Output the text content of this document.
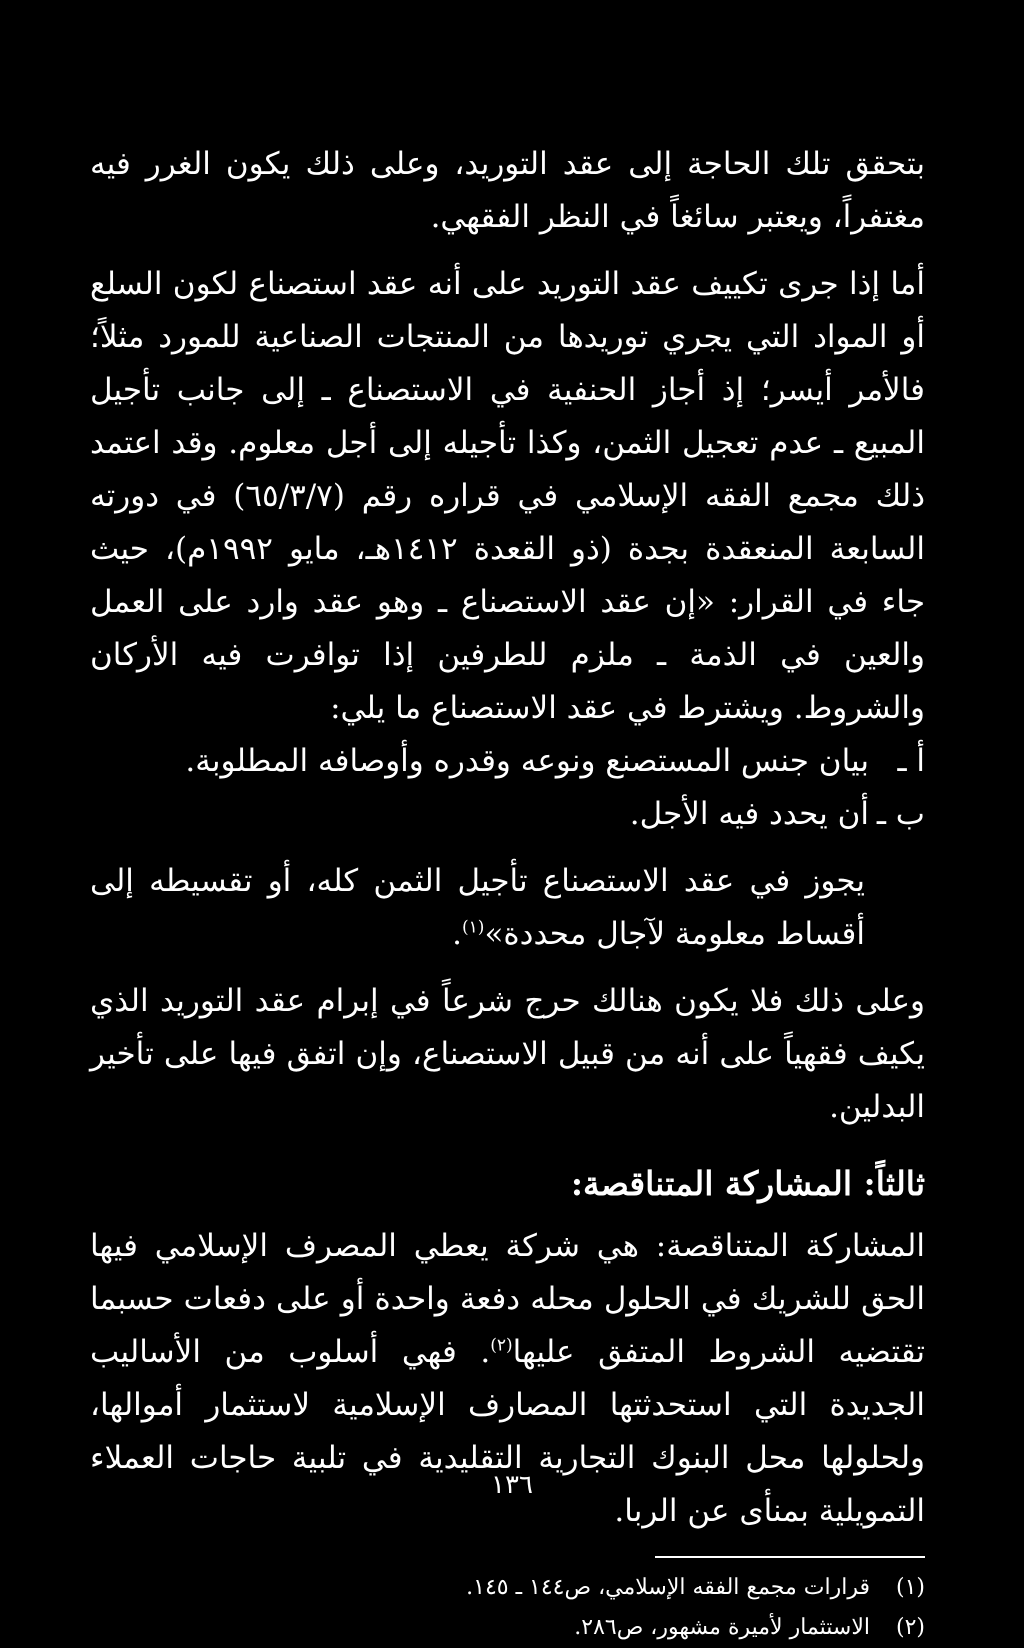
بتحقق تلك الحاجة إلى عقد التوريد، وعلى ذلك يكون الغرر فيه مغتفراً، ويعتبر سائغاً في النظر الفقهي.

أما إذا جرى تكييف عقد التوريد على أنه عقد استصناع لكون السلع أو المواد التي يجري توريدها من المنتجات الصناعية للمورد مثلاً؛ فالأمر أيسر؛ إذ أجاز الحنفية في الاستصناع ـ إلى جانب تأجيل المبيع ـ عدم تعجيل الثمن، وكذا تأجيله إلى أجل معلوم. وقد اعتمد ذلك مجمع الفقه الإسلامي في قراره رقم (٦٥/٣/٧) في دورته السابعة المنعقدة بجدة (ذو القعدة ١٤١٢هـ، مايو ١٩٩٢م)، حيث جاء في القرار: «إن عقد الاستصناع ـ وهو عقد وارد على العمل والعين في الذمة ـ ملزم للطرفين إذا توافرت فيه الأركان والشروط. ويشترط في عقد الاستصناع ما يلي:

أ ـ
بيان جنس المستصنع ونوعه وقدره وأوصافه المطلوبة.
ب ـ
أن يحدد فيه الأجل.

يجوز في عقد الاستصناع تأجيل الثمن كله، أو تقسيطه إلى أقساط معلومة لآجال محددة»$^{(١)}$.

وعلى ذلك فلا يكون هنالك حرج شرعاً في إبرام عقد التوريد الذي يكيف فقهياً على أنه من قبيل الاستصناع، وإن اتفق فيها على تأخير البدلين.

ثالثاً: المشاركة المتناقصة:

المشاركة المتناقصة: هي شركة يعطي المصرف الإسلامي فيها الحق للشريك في الحلول محله دفعة واحدة أو على دفعات حسبما تقتضيه الشروط المتفق عليها$^{(٢)}$. فهي أسلوب من الأساليب الجديدة التي استحدثتها المصارف الإسلامية لاستثمار أموالها، ولحلولها محل البنوك التجارية التقليدية في تلبية حاجات العملاء التمويلية بمنأى عن الربا.

(١) قرارات مجمع الفقه الإسلامي، ص١٤٤ ـ ١٤٥.

(٢) الاستثمار لأميرة مشهور، ص٢٨٦.

١٣٦
